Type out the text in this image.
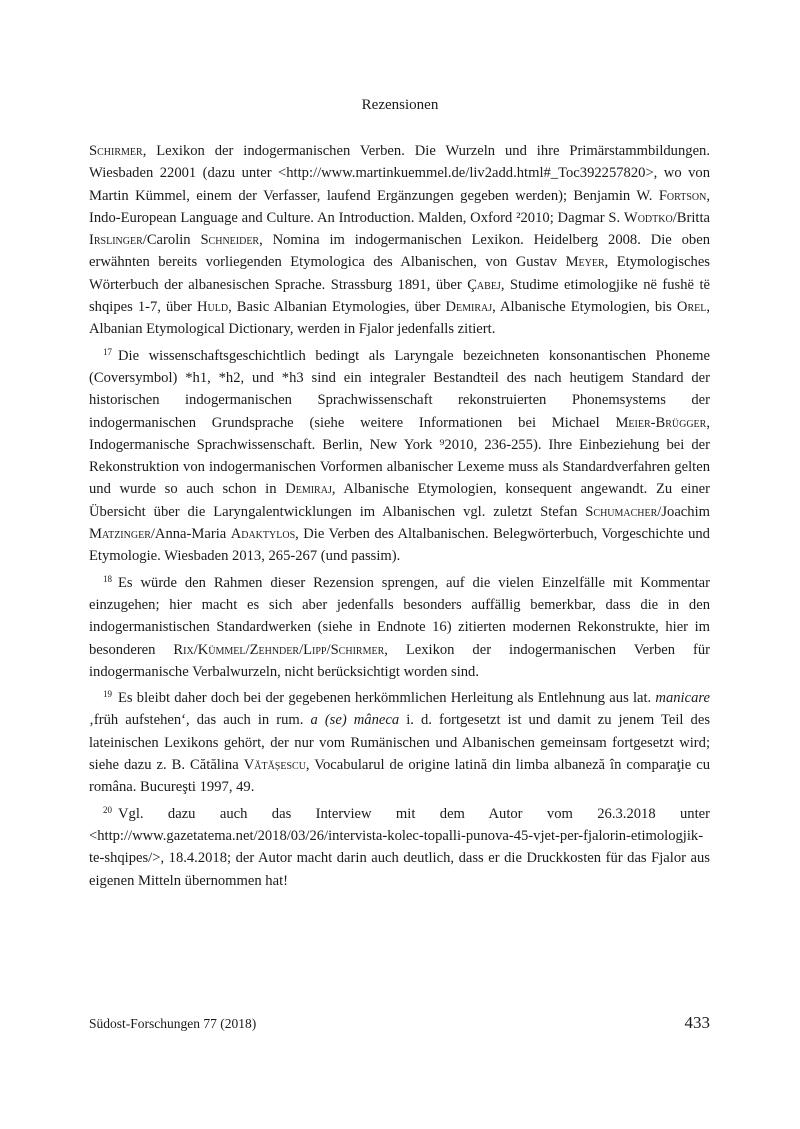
Rezensionen

Schirmer, Lexikon der indogermanischen Verben. Die Wurzeln und ihre Primärstammbildungen. Wiesbaden 22001 (dazu unter <http://www.martinkuemmel.de/liv2add.html#_Toc392257820>, wo von Martin Kümmel, einem der Verfasser, laufend Ergänzungen gegeben werden); Benjamin W. Fortson, Indo-European Language and Culture. An Introduction. Malden, Oxford ²2010; Dagmar S. Wodtko/Britta Irslinger/Carolin Schneider, Nomina im indogermanischen Lexikon. Heidelberg 2008. Die oben erwähnten bereits vorliegenden Etymologica des Albanischen, von Gustav Meyer, Etymologisches Wörterbuch der albanesischen Sprache. Strassburg 1891, über Çabej, Studime etimologjike në fushë të shqipes 1-7, über Huld, Basic Albanian Etymologies, über Demiraj, Albanische Etymologien, bis Orel, Albanian Etymological Dictionary, werden in Fjalor jedenfalls zitiert.

$^{17}$ Die wissenschaftsgeschichtlich bedingt als Laryngale bezeichneten konsonantischen Phoneme (Coversymbol) *h1, *h2, und *h3 sind ein integraler Bestandteil des nach heutigem Standard der historischen indogermanischen Sprachwissenschaft rekonstruierten Phonemsystems der indogermanischen Grundsprache (siehe weitere Informationen bei Michael Meier-Brügger, Indogermanische Sprachwissenschaft. Berlin, New York ⁹2010, 236-255). Ihre Einbeziehung bei der Rekonstruktion von indogermanischen Vorformen albanischer Lexeme muss als Standardverfahren gelten und wurde so auch schon in Demiraj, Albanische Etymologien, konsequent angewandt. Zu einer Übersicht über die Laryngalentwicklungen im Albanischen vgl. zuletzt Stefan Schumacher/Joachim Matzinger/Anna-Maria Adaktylos, Die Verben des Altalbanischen. Belegwörterbuch, Vorgeschichte und Etymologie. Wiesbaden 2013, 265-267 (und passim).

$^{18}$ Es würde den Rahmen dieser Rezension sprengen, auf die vielen Einzelfälle mit Kommentar einzugehen; hier macht es sich aber jedenfalls besonders auffällig bemerkbar, dass die in den indogermanistischen Standardwerken (siehe in Endnote 16) zitierten modernen Rekonstrukte, hier im besonderen Rix/Kümmel/Zehnder/Lipp/Schirmer, Lexikon der indogermanischen Verben für indogermanische Verbalwurzeln, nicht berücksichtigt worden sind.

$^{19}$ Es bleibt daher doch bei der gegebenen herkömmlichen Herleitung als Entlehnung aus lat. manicare ‚früh aufstehen‘, das auch in rum. a (se) mâneca i. d. fortgesetzt ist und damit zu jenem Teil des lateinischen Lexikons gehört, der nur vom Rumänischen und Albanischen gemeinsam fortgesetzt wird; siehe dazu z. B. Cătălina Vătășescu, Vocabularul de origine latină din limba albaneză în comparaţie cu româna. Bucureşti 1997, 49.

$^{20}$ Vgl. dazu auch das Interview mit dem Autor vom 26.3.2018 unter <http://www.gazetatema.net/2018/03/26/intervista-kolec-topalli-punova-45-vjet-per-fjalorin-etimologjik-te-shqipes/>, 18.4.2018; der Autor macht darin auch deutlich, dass er die Druckkosten für das Fjalor aus eigenen Mitteln übernommen hat!

Südost-Forschungen 77 (2018)	433
